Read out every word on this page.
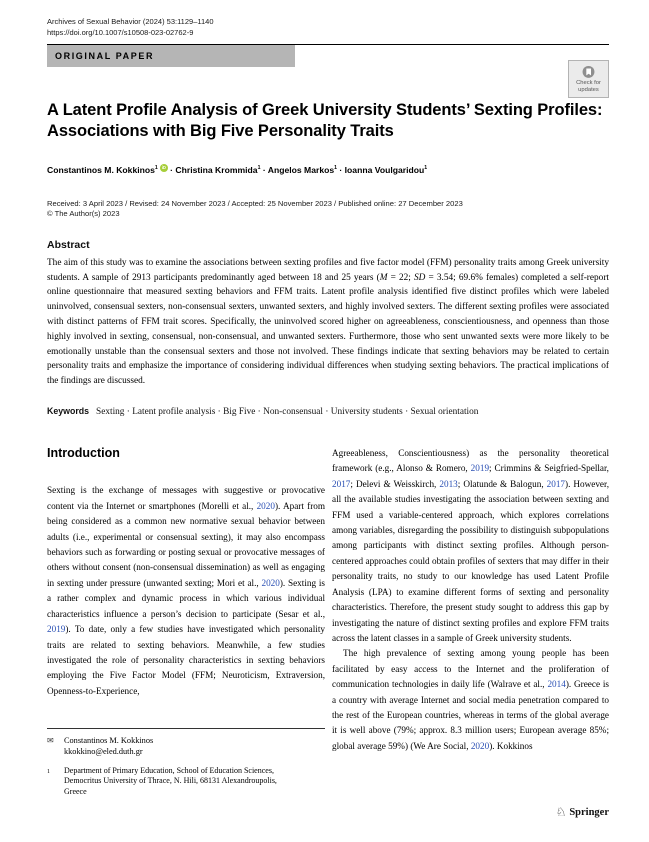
Archives of Sexual Behavior (2024) 53:1129–1140
https://doi.org/10.1007/s10508-023-02762-9
ORIGINAL PAPER
Check for
updates
A Latent Profile Analysis of Greek University Students’ Sexting Profiles:
Associations with Big Five Personality Traits
Constantinos M. Kokkinos$^1$ iD · Christina Krommida$^1$ · Angelos Markos$^1$ · Ioanna Voulgaridou$^1$
Received: 3 April 2023 / Revised: 24 November 2023 / Accepted: 25 November 2023 / Published online: 27 December 2023
© The Author(s) 2023
Abstract
The aim of this study was to examine the associations between sexting profiles and five factor model (FFM) personality traits among Greek university students. A sample of 2913 participants predominantly aged between 18 and 25 years (M = 22; SD = 3.54; 69.6% females) completed a self-report online questionnaire that measured sexting behaviors and FFM traits. Latent profile analysis identified five distinct profiles which were labeled uninvolved, consensual sexters, non-consensual sexters, unwanted sexters, and highly involved sexters. The different sexting profiles were associated with distinct patterns of FFM trait scores. Specifically, the uninvolved scored higher on agreeableness, conscientiousness, and openness than those highly involved in sexting, consensual, non-consensual, and unwanted sexters. Furthermore, those who sent unwanted sexts were more likely to be emotionally unstable than the consensual sexters and those not involved. These findings indicate that sexting behaviors may be related to certain personality traits and emphasize the importance of considering individual differences when studying sexting behaviors. The practical implications of the findings are discussed.
Keywords Sexting · Latent profile analysis · Big Five · Non-consensual · University students · Sexual orientation
Introduction

Sexting is the exchange of messages with suggestive or provocative content via the Internet or smartphones (Morelli et al., 2020). Apart from being considered as a common new normative sexual behavior between adults (i.e., experimental or consensual sexting), it may also encompass behaviors such as forwarding or posting sexual or provocative messages of others without consent (non-consensual dissemination) as well as engaging in sexting under pressure (unwanted sexting; Mori et al., 2020). Sexting is a rather complex and dynamic process in which various individual characteristics influence a person’s decision to participate (Sesar et al., 2019). To date, only a few studies have investigated which personality traits are related to sexting behaviors. Meanwhile, a few studies investigated the role of personality characteristics in sexting behaviors employing the Five Factor Model (FFM; Neuroticism, Extraversion, Openness-to-Experience,

✉	Constantinos M. Kokkinos
kkokkino@eled.duth.gr
1	Department of Primary Education, School of Education Sciences, Democritus University of Thrace, N. Hili, 68131 Alexandroupolis, Greece

Agreeableness, Conscientiousness) as the personality theoretical framework (e.g., Alonso & Romero, 2019; Crimmins & Seigfried-Spellar, 2017; Delevi & Weisskirch, 2013; Olatunde & Balogun, 2017). However, all the available studies investigating the association between sexting and FFM used a variable-centered approach, which explores correlations among variables, disregarding the possibility to distinguish subpopulations among participants with distinct sexting profiles. Although person-centered approaches could obtain profiles of sexters that may differ in their personality traits, no study to our knowledge has used Latent Profile Analysis (LPA) to examine different forms of sexting and personality characteristics. Therefore, the present study sought to address this gap by investigating the nature of distinct sexting profiles and explore FFM traits across the latent classes in a sample of Greek university students.

The high prevalence of sexting among young people has been facilitated by easy access to the Internet and the proliferation of communication technologies in daily life (Walrave et al., 2014). Greece is a country with average Internet and social media penetration compared to the rest of the European countries, whereas in terms of the global average it is well above (79%; approx. 8.3 million users; European average 85%; global average 59%) (We Are Social, 2020). Kokkinos

♘ Springer
